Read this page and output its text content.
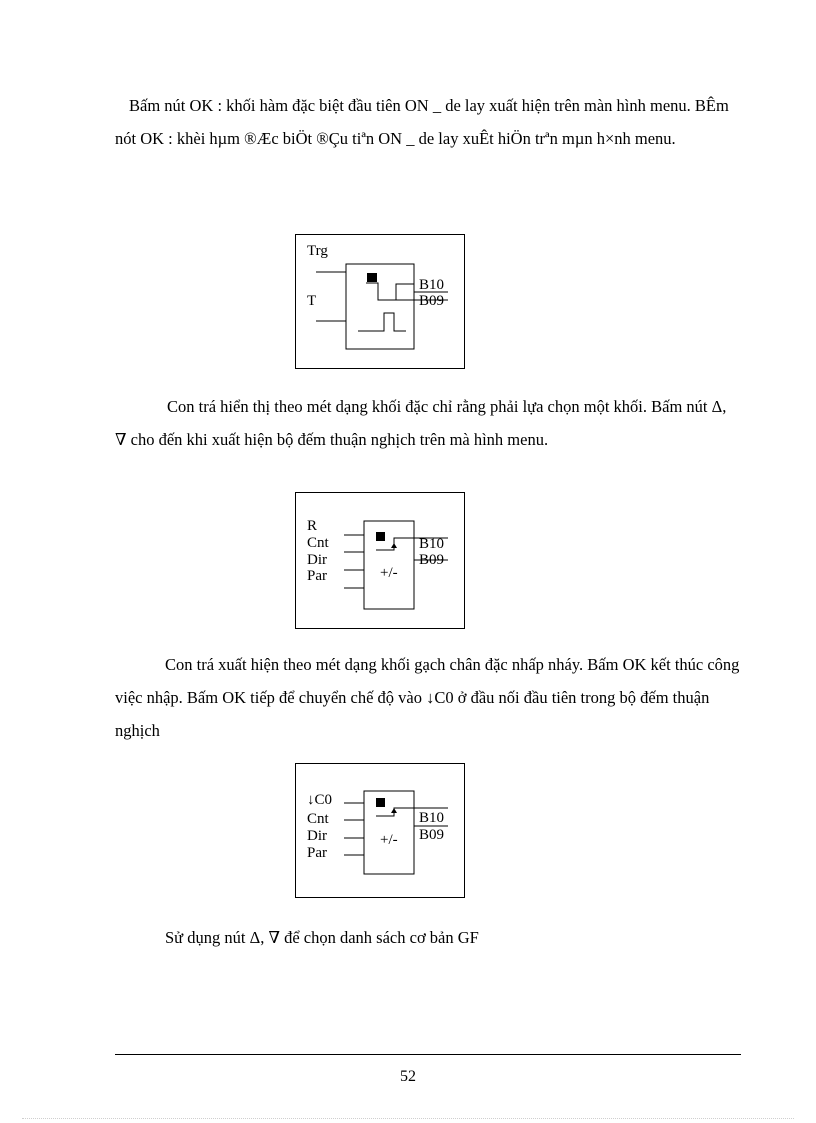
Bấm nút OK : khối hàm đặc biệt đầu tiên ON _ de lay xuất hiện trên màn hình menu. BÊm nót OK : khèi hµm ®Æc biÖt ®Çu tiªn ON _ de lay xuÊt hiÖn trªn mµn h×nh menu.

Trg
T
B10
B09

Con trá hiển thị theo mét dạng khối đặc chỉ rằng phải lựa chọn một khối. Bấm nút Δ, ∇ cho đến khi xuất hiện bộ đếm thuận nghịch trên mà hình menu.

R
Cnt
Dir
Par	+/-
B10
B09

Con trá xuất hiện theo mét dạng khối gạch chân đặc nhấp nháy. Bấm OK kết thúc công việc nhập. Bấm OK tiếp để chuyển chế độ vào ↓C0 ở đầu nối đầu tiên trong bộ đếm thuận nghịch

↓C0
Cnt
Dir
Par
+/-
B10
B09

Sử dụng nút Δ, ∇ để chọn danh sách cơ bản GF

52
